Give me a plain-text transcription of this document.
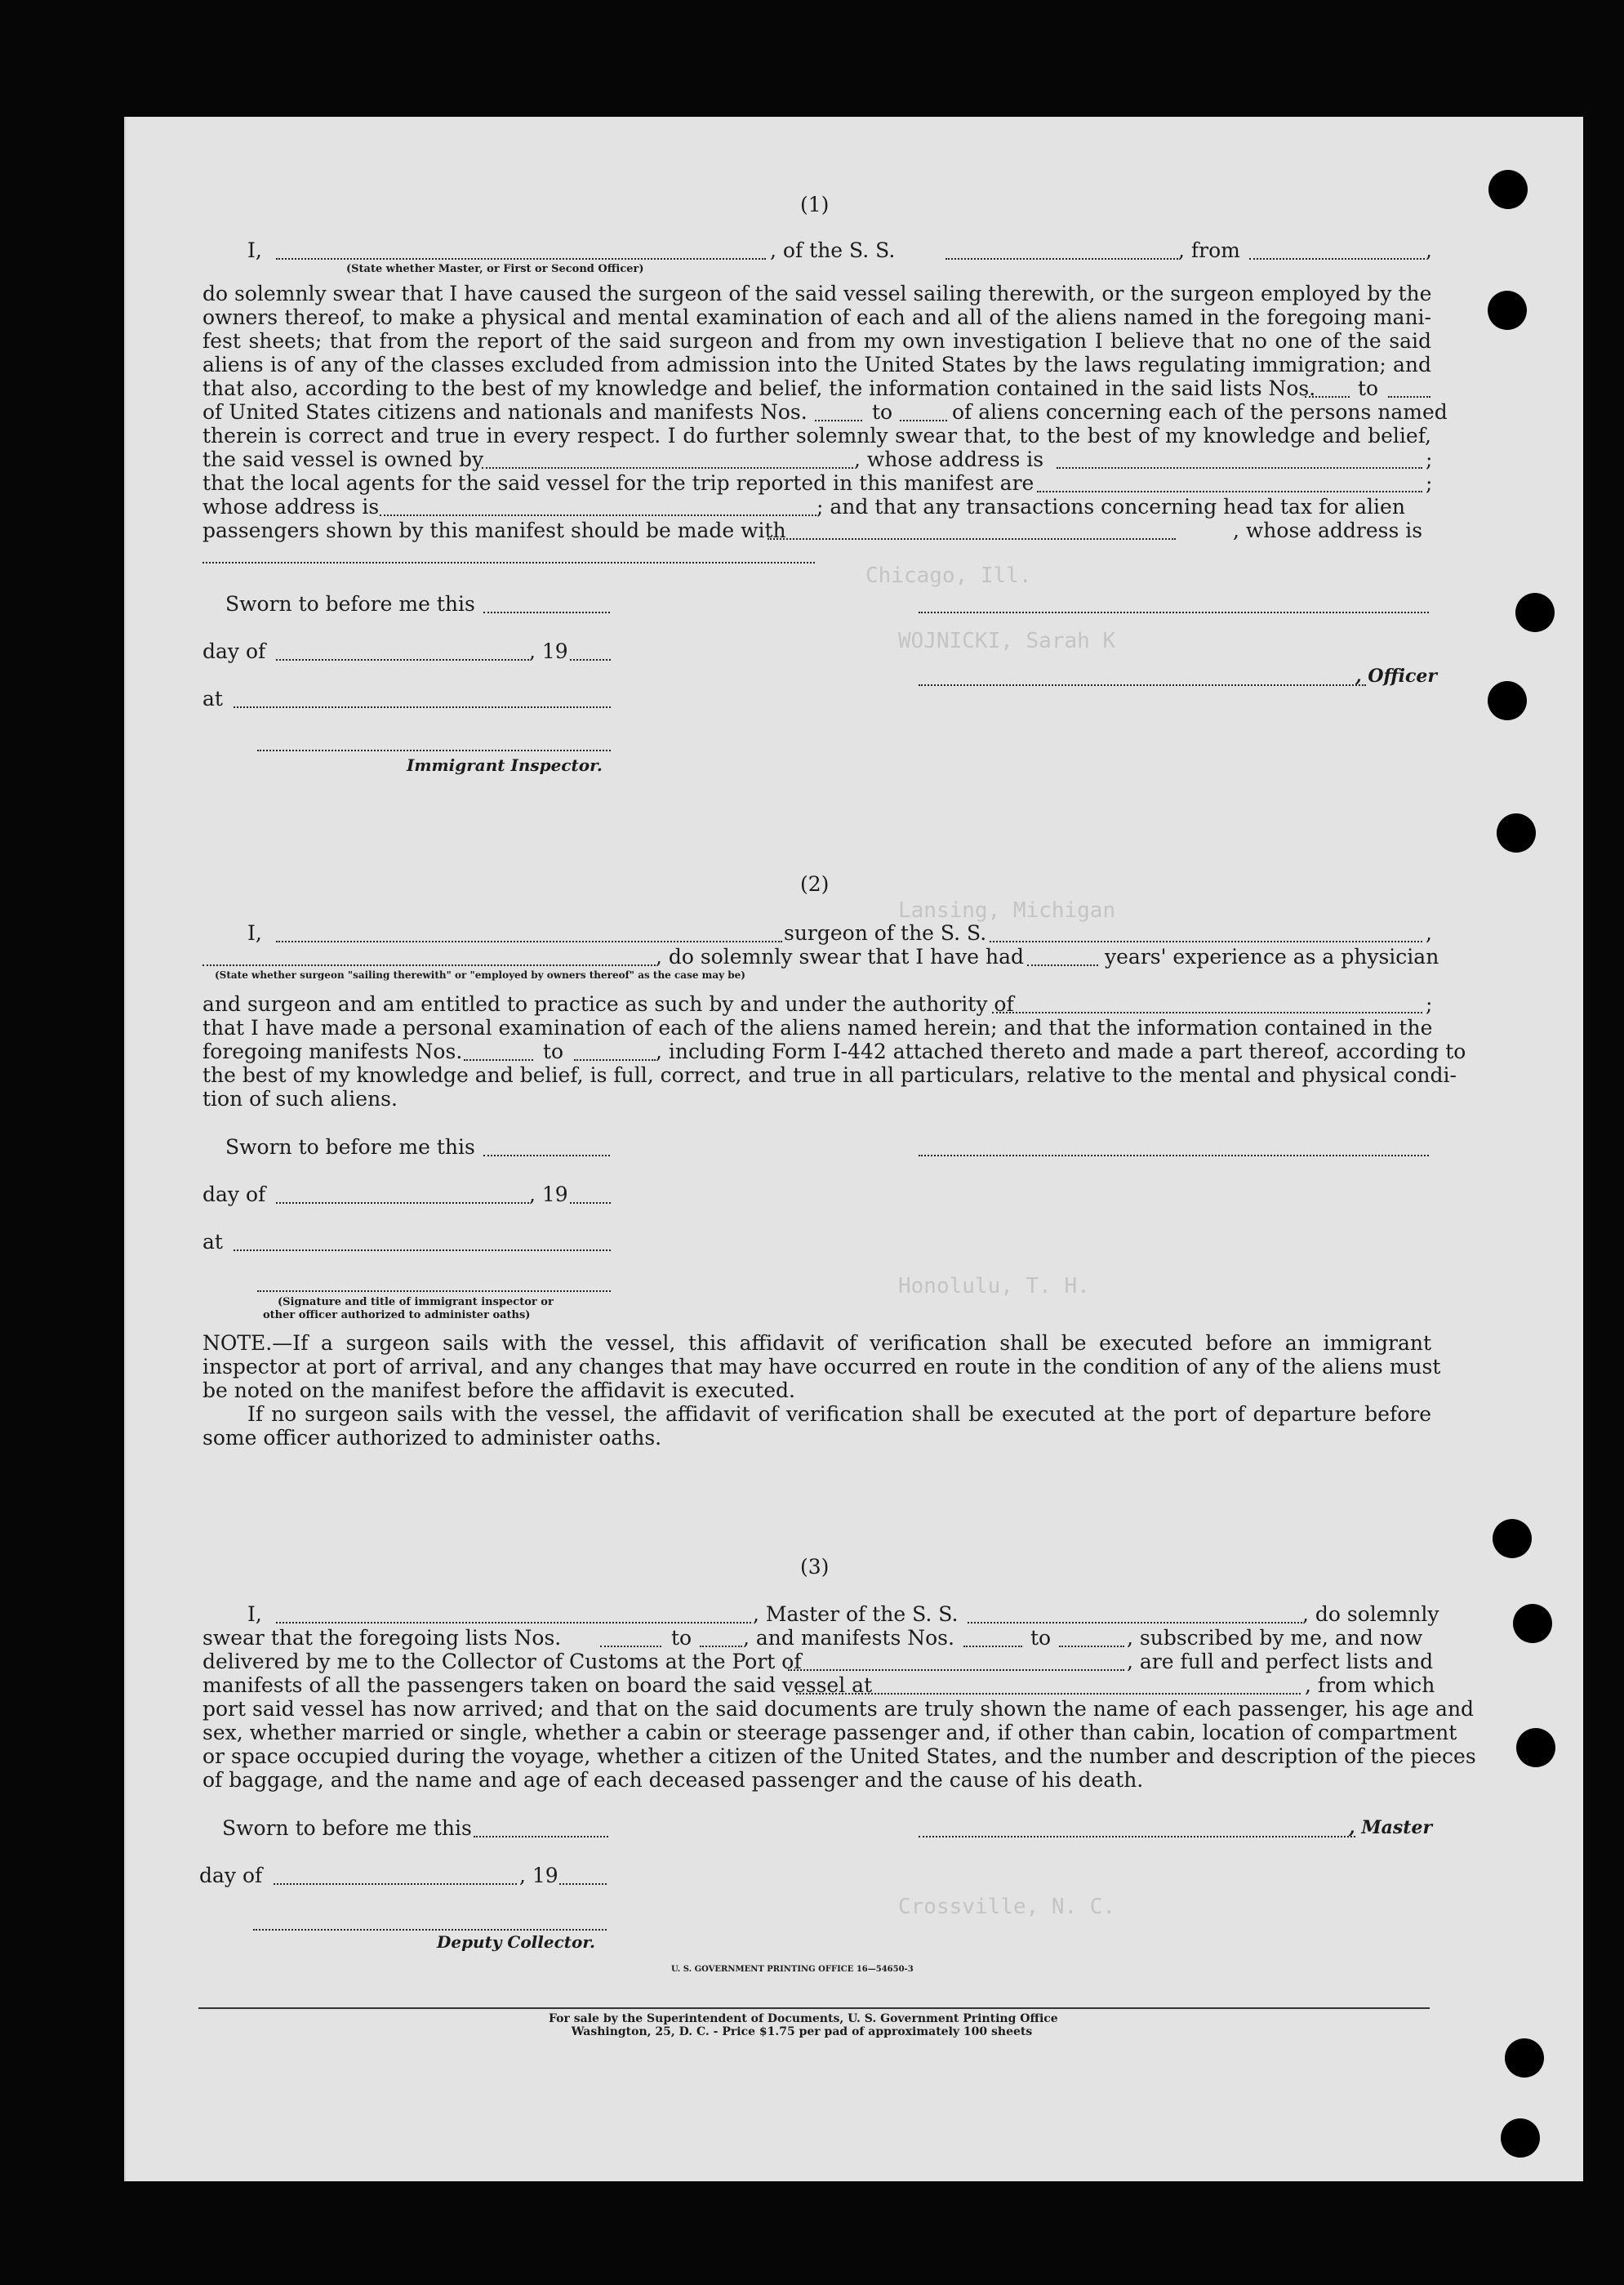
Chicago, Ill.
WOJNICKI, Sarah K
Lansing, Michigan
Honolulu, T. H.
Crossville, N. C.
(1)
I,	, of the S. S.	, from	,
(State whether Master, or First or Second Officer)
do solemnly swear that I have caused the surgeon of the said vessel sailing therewith, or the surgeon employed by the
owners thereof, to make a physical and mental examination of each and all of the aliens named in the foregoing mani-
fest sheets; that from the report of the said surgeon and from my own investigation I believe that no one of the said
aliens is of any of the classes excluded from admission into the United States by the laws regulating immigration; and
that also, according to the best of my knowledge and belief, the information contained in the said lists Nos. to
of United States citizens and nationals and manifests Nos.	to	of aliens concerning each of the persons named
therein is correct and true in every respect. I do further solemnly swear that, to the best of my knowledge and belief,
the said vessel is owned by	, whose address is	;
that the local agents for the said vessel for the trip reported in this manifest are	;
whose address is	; and that any transactions concerning head tax for alien
passengers shown by this manifest should be made with	, whose address is
Sworn to before me this
day of	, 19
, Officer
at
Immigrant Inspector.
(2)
I,	surgeon of the S. S.	,
(State whether surgeon "sailing therewith" or "employed by owners thereof" as the case may be)
, do solemnly swear that I have had	years' experience as a physician
and surgeon and am entitled to practice as such by and under the authority of	;
that I have made a personal examination of each of the aliens named herein; and that the information contained in the
foregoing manifests Nos.	to	, including Form I-442 attached thereto and made a part thereof, according to
the best of my knowledge and belief, is full, correct, and true in all particulars, relative to the mental and physical condi-
tion of such aliens.
Sworn to before me this
day of	, 19
at
(Signature and title of immigrant inspector or
other officer authorized to administer oaths)
NOTE.—If a surgeon sails with the vessel, this affidavit of verification shall be executed before an immigrant
inspector at port of arrival, and any changes that may have occurred en route in the condition of any of the aliens must
be noted on the manifest before the affidavit is executed.
If no surgeon sails with the vessel, the affidavit of verification shall be executed at the port of departure before
some officer authorized to administer oaths.
(3)
I,	, Master of the S. S.	, do solemnly
swear that the foregoing lists Nos.	to	, and manifests Nos.	to	, subscribed by me, and now
delivered by me to the Collector of Customs at the Port of	, are full and perfect lists and
manifests of all the passengers taken on board the said vessel at	, from which
port said vessel has now arrived; and that on the said documents are truly shown the name of each passenger, his age and
sex, whether married or single, whether a cabin or steerage passenger and, if other than cabin, location of compartment
or space occupied during the voyage, whether a citizen of the United States, and the number and description of the pieces
of baggage, and the name and age of each deceased passenger and the cause of his death.
Sworn to before me this	, Master
day of	, 19
Deputy Collector.
U. S. GOVERNMENT PRINTING OFFICE 16—54650-3
For sale by the Superintendent of Documents, U. S. Government Printing Office
Washington, 25, D. C. - Price $1.75 per pad of approximately 100 sheets
